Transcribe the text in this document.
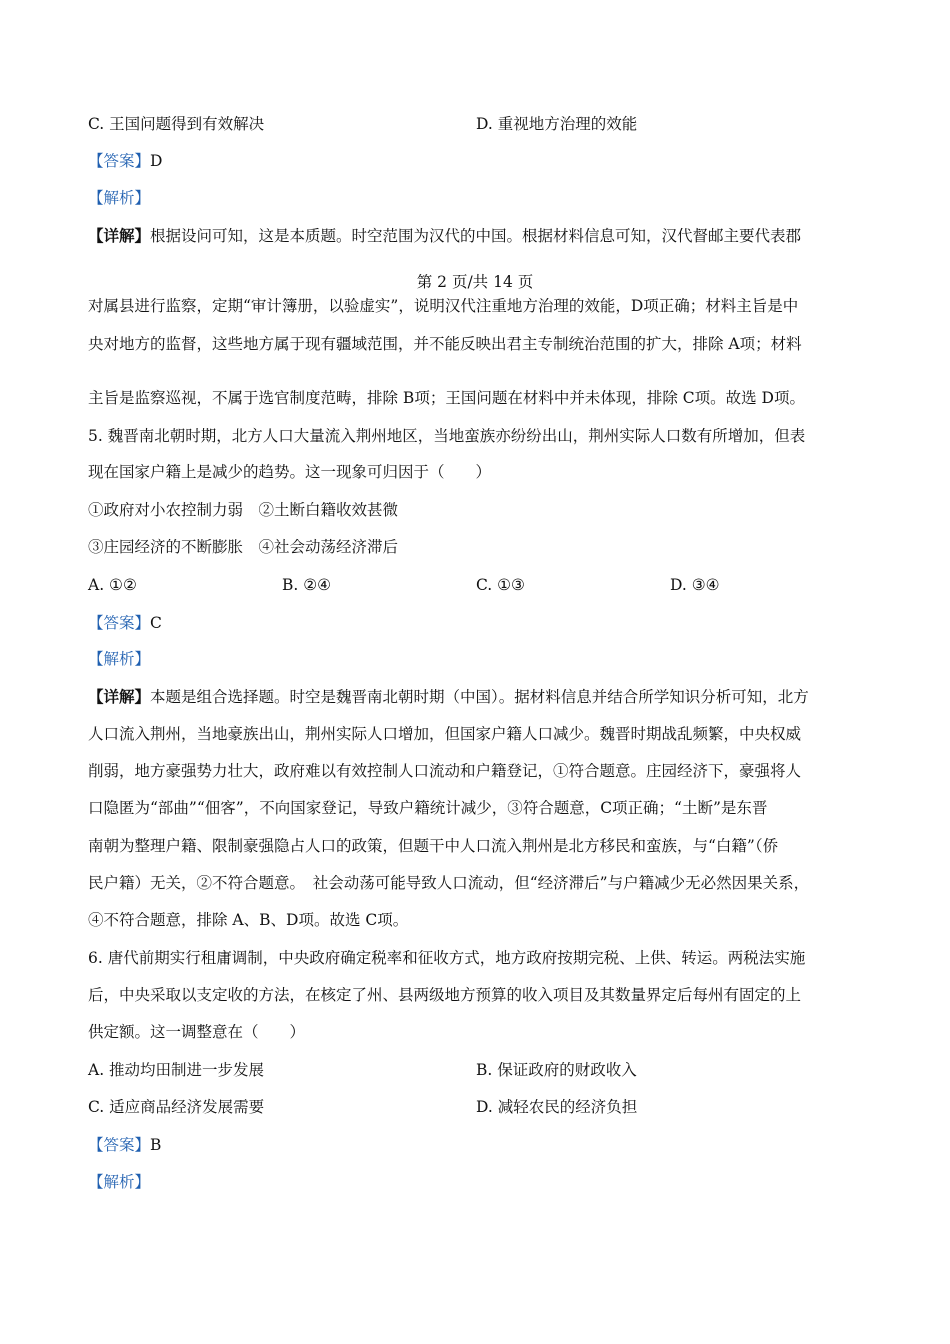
C. 王国问题得到有效解决	D. 重视地方治理的效能
【答案】D
【解析】
【详解】根据设问可知，这是本质题。时空范围为汉代的中国。根据材料信息可知，汉代督邮主要代表郡
第 2 页/共 14 页
对属县进行监察，定期“审计簿册，以验虚实”，说明汉代注重地方治理的效能，D项正确；材料主旨是中
央对地方的监督，这些地方属于现有疆域范围，并不能反映出君主专制统治范围的扩大，排除 A项；材料
主旨是监察巡视，不属于选官制度范畴，排除 B项；王国问题在材料中并未体现，排除 C项。故选 D项。
5. 魏晋南北朝时期，北方人口大量流入荆州地区，当地蛮族亦纷纷出山，荆州实际人口数有所增加，但表
现在国家户籍上是减少的趋势。这一现象可归因于（　　）
①政府对小农控制力弱　②土断白籍收效甚微
③庄园经济的不断膨胀　④社会动荡经济滞后
A. ①②	B. ②④	C. ①③	D. ③④
【答案】C
【解析】
【详解】本题是组合选择题。时空是魏晋南北朝时期（中国）。据材料信息并结合所学知识分析可知，北方
人口流入荆州，当地豪族出山，荆州实际人口增加，但国家户籍人口减少。魏晋时期战乱频繁，中央权威
削弱，地方豪强势力壮大，政府难以有效控制人口流动和户籍登记，①符合题意。庄园经济下，豪强将人
口隐匿为“部曲”“佃客”，不向国家登记，导致户籍统计减少，③符合题意，C项正确；“土断”是东晋
南朝为整理户籍、限制豪强隐占人口的政策，但题干中人口流入荆州是北方移民和蛮族，与“白籍”（侨
民户籍）无关，②不符合题意。　社会动荡可能导致人口流动，但“经济滞后”与户籍减少无必然因果关系，
④不符合题意，排除 A、B、D项。故选 C项。
6. 唐代前期实行租庸调制，中央政府确定税率和征收方式，地方政府按期完税、上供、转运。两税法实施
后，中央采取以支定收的方法，在核定了州、县两级地方预算的收入项目及其数量界定后每州有固定的上
供定额。这一调整意在（　　）
A. 推动均田制进一步发展	B. 保证政府的财政收入
C. 适应商品经济发展需要	D. 减轻农民的经济负担
【答案】B
【解析】
